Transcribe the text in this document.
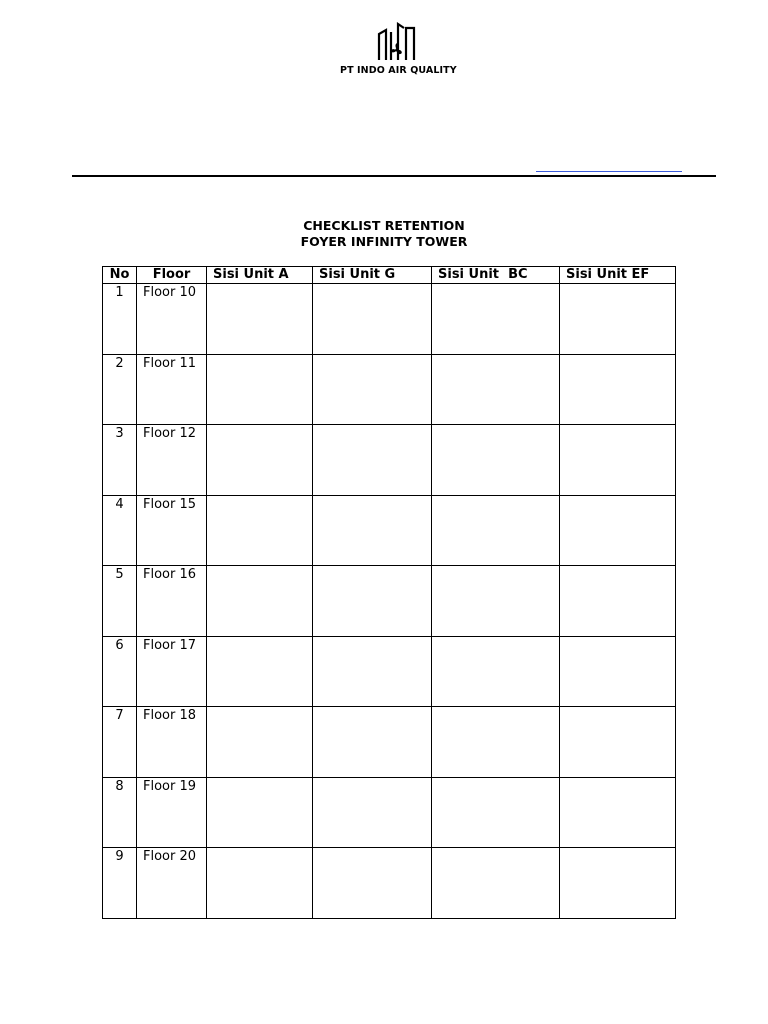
PT INDO AIR QUALITY
CHECKLIST RETENTION
FOYER INFINITY TOWER
No	Floor	Sisi Unit A	Sisi Unit G	Sisi Unit  BC	Sisi Unit EF
1	Floor 10				
2	Floor 11				
3	Floor 12				
4	Floor 15				
5	Floor 16				
6	Floor 17				
7	Floor 18				
8	Floor 19				
9	Floor 20				
